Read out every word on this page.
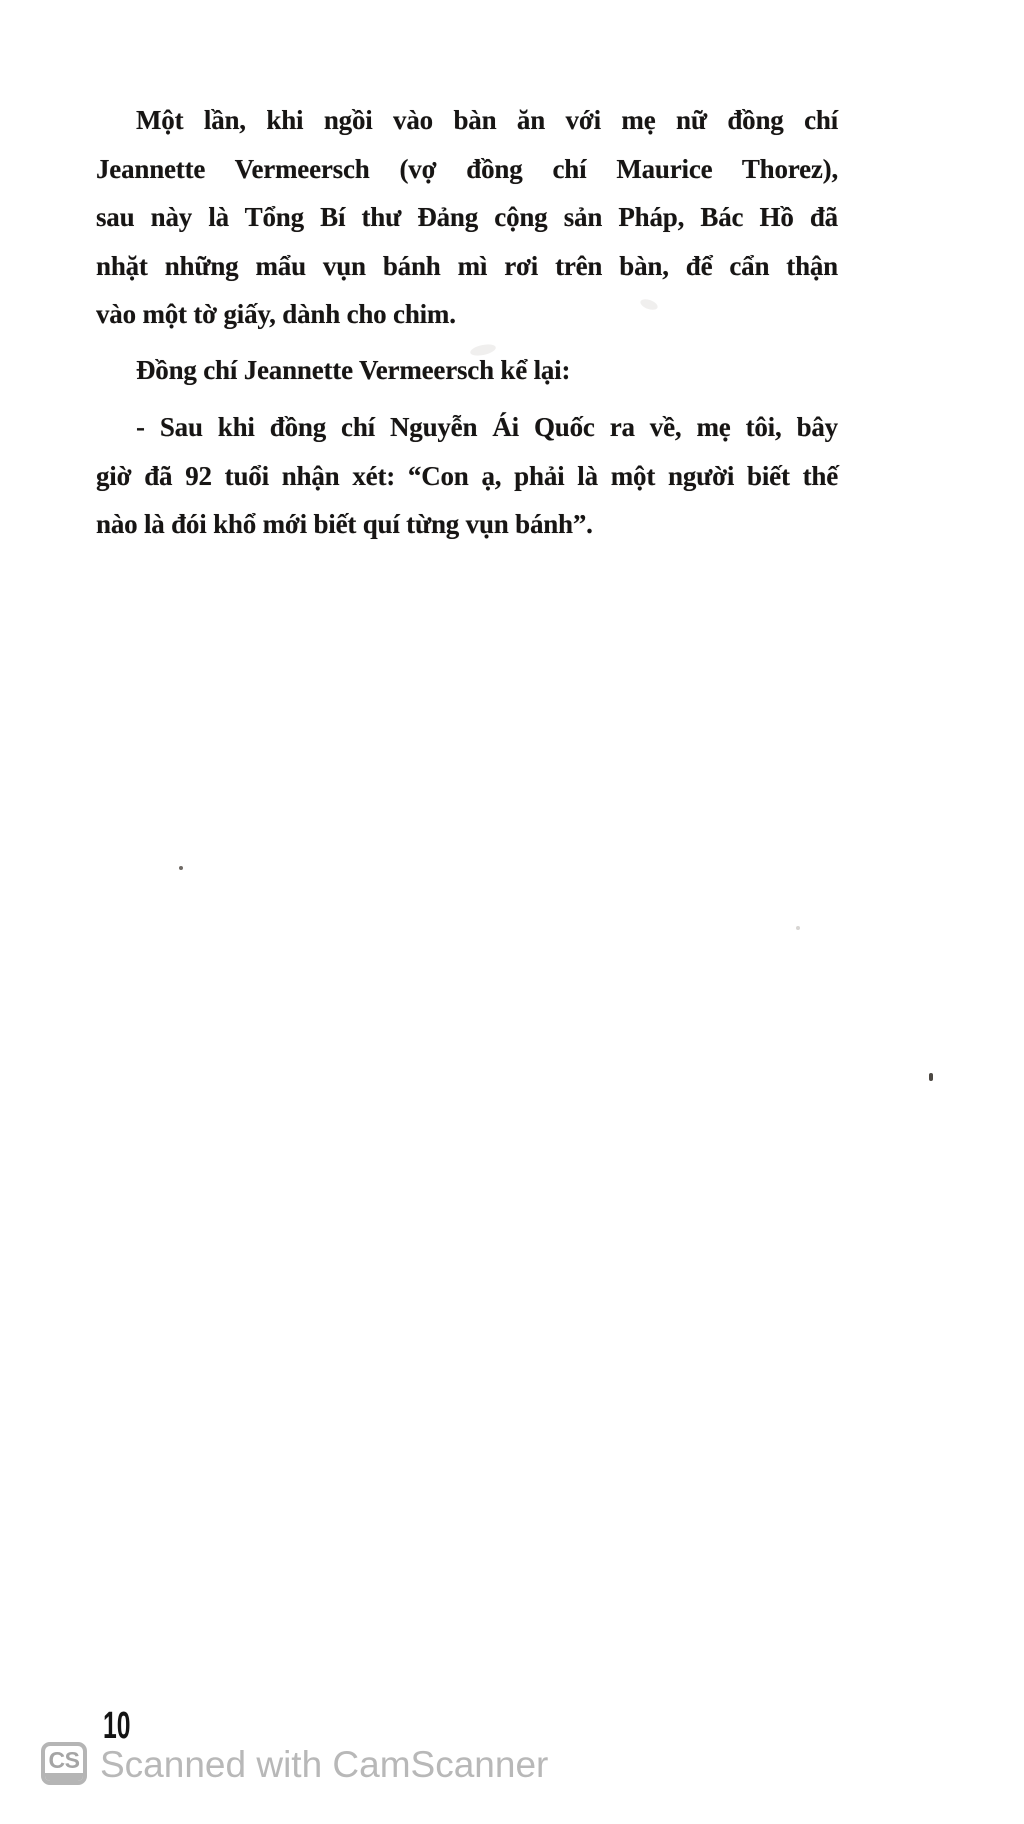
Một lần, khi ngồi vào bàn ăn với mẹ nữ đồng chí
Jeannette Vermeersch (vợ đồng chí Maurice Thorez),
sau này là Tổng Bí thư Đảng cộng sản Pháp, Bác Hồ đã
nhặt những mẩu vụn bánh mì rơi trên bàn, để cẩn thận
vào một tờ giấy, dành cho chim.
Đồng chí Jeannette Vermeersch kể lại:
- Sau khi đồng chí Nguyễn Ái Quốc ra về, mẹ tôi, bây
giờ đã 92 tuổi nhận xét: “Con ạ, phải là một người biết thế
nào là đói khổ mới biết quí từng vụn bánh”.
10
CS Scanned with CamScanner
